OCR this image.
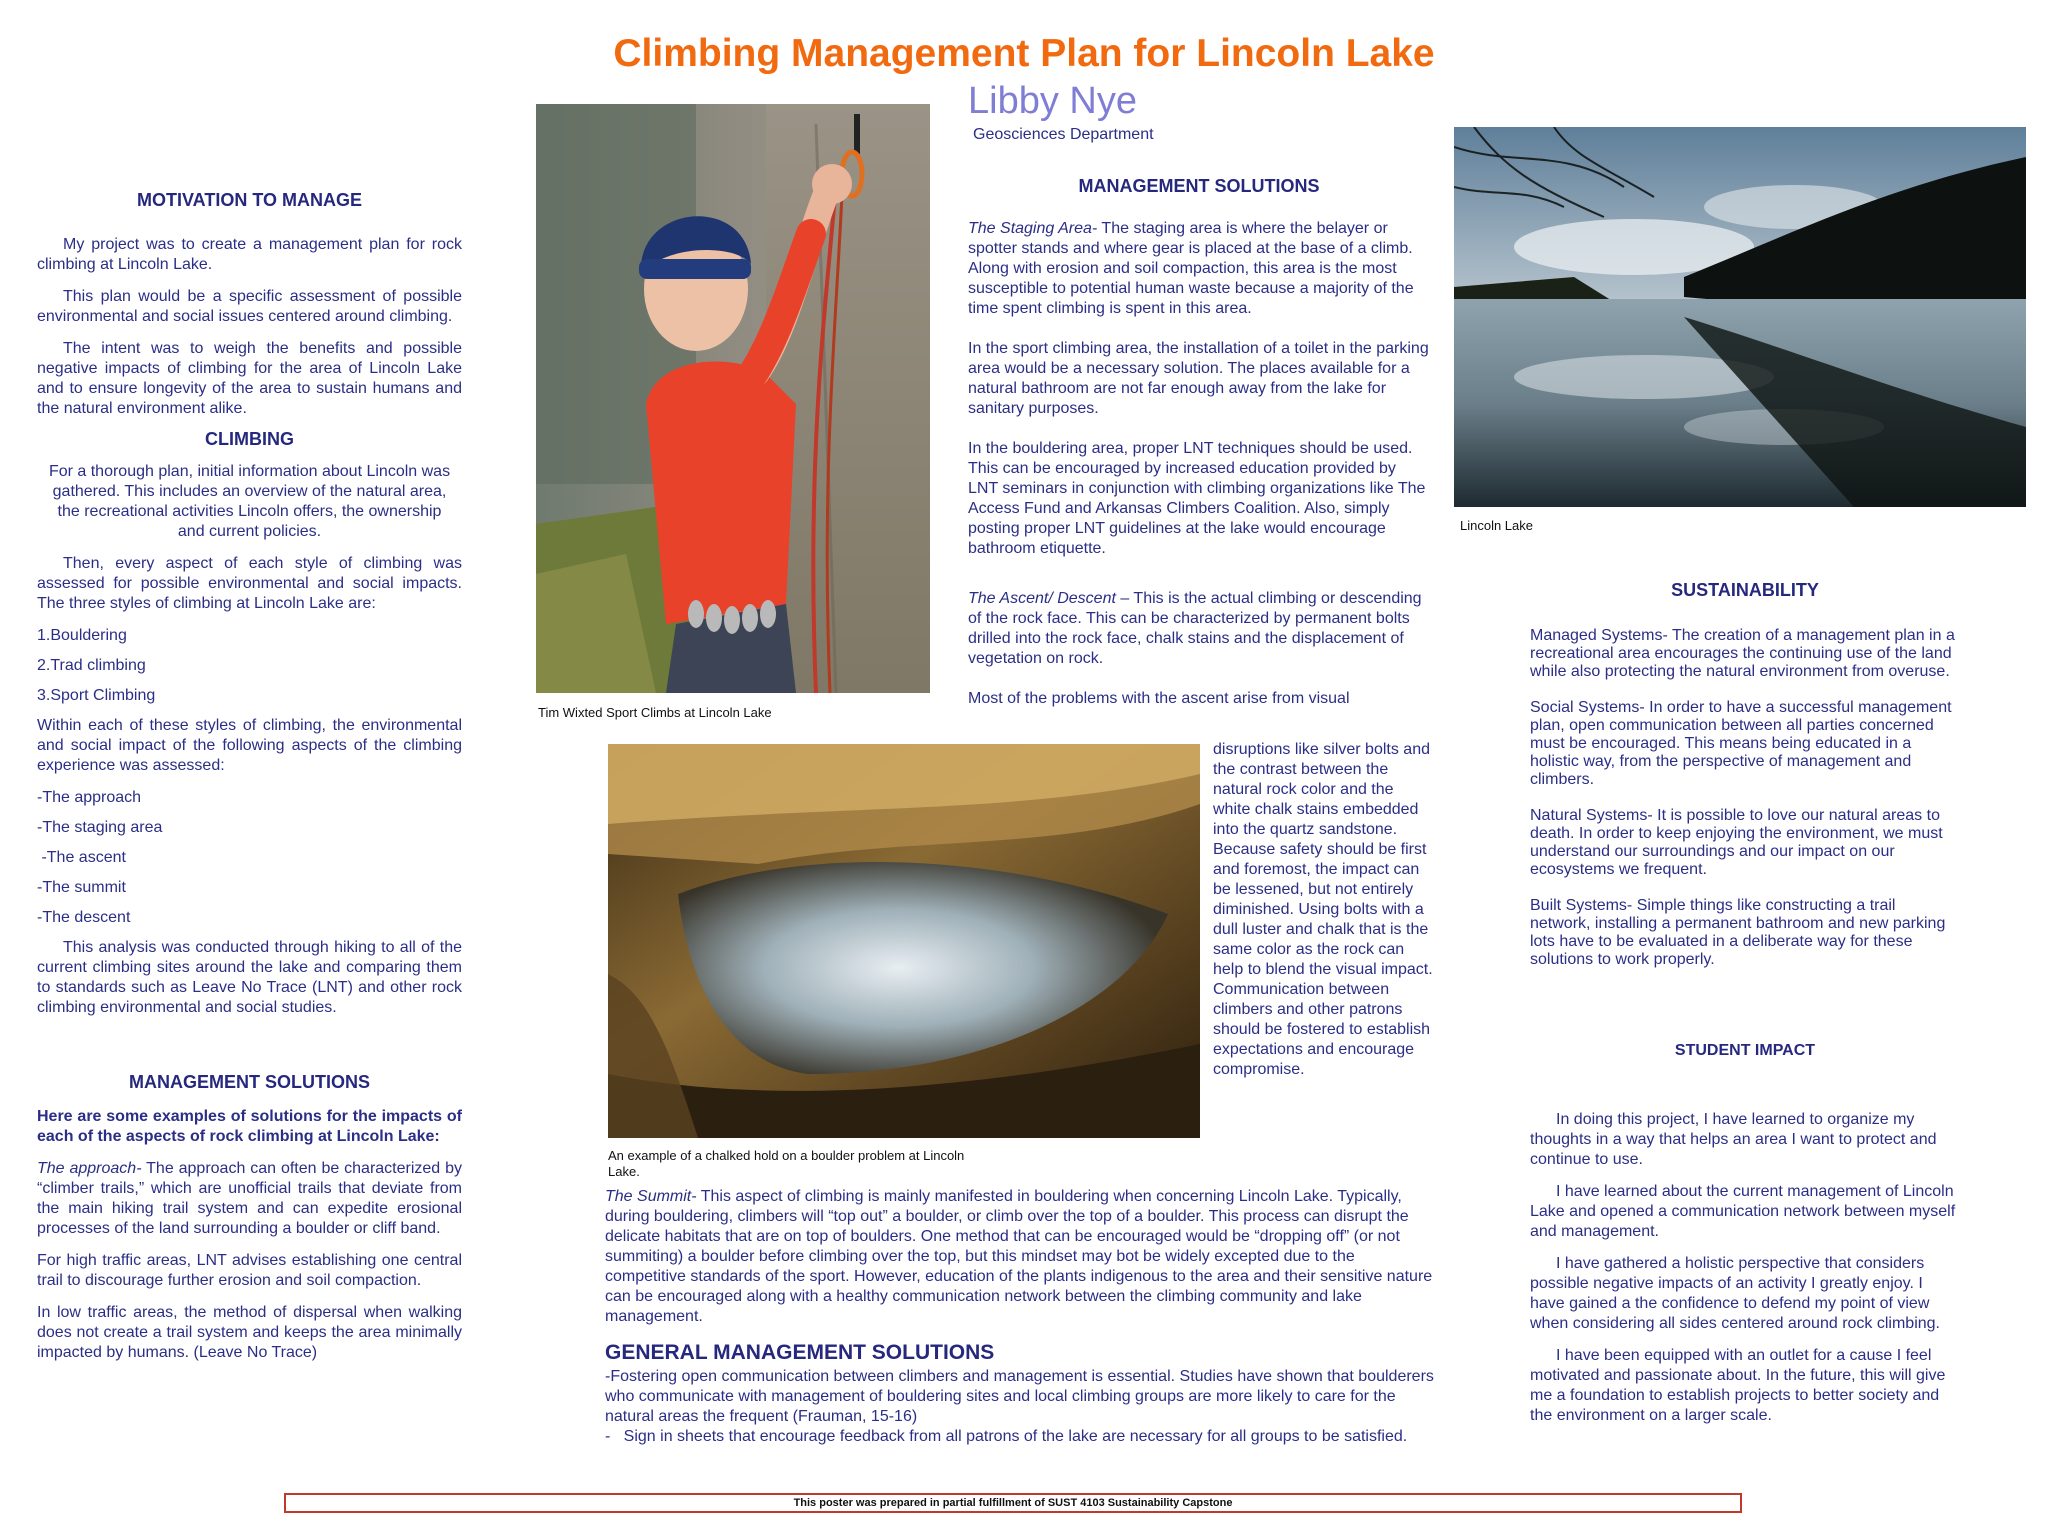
Climbing Management Plan for Lincoln Lake
Libby Nye
Geosciences Department
MOTIVATION TO MANAGE

My project was to create a management plan for rock climbing at Lincoln Lake.

This plan would be a specific assessment of possible environmental and social issues centered around climbing.

The intent was to weigh the benefits and possible negative impacts of climbing for the area of Lincoln Lake and to ensure longevity of the area to sustain humans and the natural environment alike.

CLIMBING

For a thorough plan, initial information about Lincoln was gathered. This includes an overview of the natural area, the recreational activities Lincoln offers, the ownership and current policies.

Then, every aspect of each style of climbing was assessed for possible environmental and social impacts. The three styles of climbing at Lincoln Lake are:

1.Bouldering
2.Trad climbing
3.Sport Climbing

Within each of these styles of climbing, the environmental and social impact of the following aspects of the climbing experience was assessed:

-The approach
-The staging area
-The ascent
-The summit
-The descent

This analysis was conducted through hiking to all of the current climbing sites around the lake and comparing them to standards such as Leave No Trace (LNT) and other rock climbing environmental and social studies.

MANAGEMENT SOLUTIONS

Here are some examples of solutions for the impacts of each of the aspects of rock climbing at Lincoln Lake:

The approach- The approach can often be characterized by “climber trails,” which are unofficial trails that deviate from the main hiking trail system and can expedite erosional processes of the land surrounding a boulder or cliff band.

For high traffic areas, LNT advises establishing one central trail to discourage further erosion and soil compaction.

In low traffic areas, the method of dispersal when walking does not create a trail system and keeps the area minimally impacted by humans. (Leave No Trace)

Tim Wixted Sport Climbs at Lincoln Lake
MANAGEMENT SOLUTIONS

The Staging Area- The staging area is where the belayer or spotter stands and where gear is placed at the base of a climb. Along with erosion and soil compaction, this area is the most susceptible to potential human waste because a majority of the time spent climbing is spent in this area.

In the sport climbing area, the installation of a toilet in the parking area would be a necessary solution. The places available for a natural bathroom are not far enough away from the lake for sanitary purposes.

In the bouldering area, proper LNT techniques should be used. This can be encouraged by increased education provided by LNT seminars in conjunction with climbing organizations like The Access Fund and Arkansas Climbers Coalition. Also, simply posting proper LNT guidelines at the lake would encourage bathroom etiquette.

The Ascent/ Descent – This is the actual climbing or descending of the rock face. This can be characterized by permanent bolts drilled into the rock face, chalk stains and the displacement of vegetation on rock.

Most of the problems with the ascent arise from visual

An example of a chalked hold on a boulder problem at Lincoln Lake.

disruptions like silver bolts and the contrast between the natural rock color and the white chalk stains embedded into the quartz sandstone. Because safety should be first and foremost, the impact can be lessened, but not entirely diminished. Using bolts with a dull luster and chalk that is the same color as the rock can help to blend the visual impact. Communication between climbers and other patrons should be fostered to establish expectations and encourage compromise.

The Summit- This aspect of climbing is mainly manifested in bouldering when concerning Lincoln Lake. Typically, during bouldering, climbers will “top out” a boulder, or climb over the top of a boulder. This process can disrupt the delicate habitats that are on top of boulders. One method that can be encouraged would be “dropping off” (or not summiting) a boulder before climbing over the top, but this mindset may bot be widely excepted due to the competitive standards of the sport. However, education of the plants indigenous to the area and their sensitive nature can be encouraged along with a healthy communication network between the climbing community and lake management.

GENERAL MANAGEMENT SOLUTIONS

-Fostering open communication between climbers and management is essential. Studies have shown that boulderers who communicate with management of bouldering sites and local climbing groups are more likely to care for the natural areas the frequent (Frauman, 15-16)

-   Sign in sheets that encourage feedback from all patrons of the lake are necessary for all groups to be satisfied.

Lincoln Lake
SUSTAINABILITY

Managed Systems- The creation of a management plan in a recreational area encourages the continuing use of the land while also protecting the natural environment from overuse.

Social Systems- In order to have a successful management plan, open communication between all parties concerned must be encouraged. This means being educated in a holistic way, from the perspective of management and climbers.

Natural Systems- It is possible to love our natural areas to death. In order to keep enjoying the environment, we must understand our surroundings and our impact on our ecosystems we frequent.

Built Systems- Simple things like constructing a trail network, installing a permanent bathroom and new parking lots have to be evaluated in a deliberate way for these solutions to work properly.

STUDENT IMPACT

In doing this project, I have learned to organize my thoughts in a way that helps an area I want to protect and continue to use.

I have learned about the current management of Lincoln Lake and opened a communication network between myself and management.

I have gathered a holistic perspective that considers possible negative impacts of an activity I greatly enjoy. I have gained a the confidence to defend my point of view when considering all sides centered around rock climbing.

I have been equipped with an outlet for a cause I feel motivated and passionate about. In the future, this will give me a foundation to establish projects to better society and the environment on a larger scale.

This poster was prepared in partial fulfillment of SUST 4103 Sustainability Capstone
